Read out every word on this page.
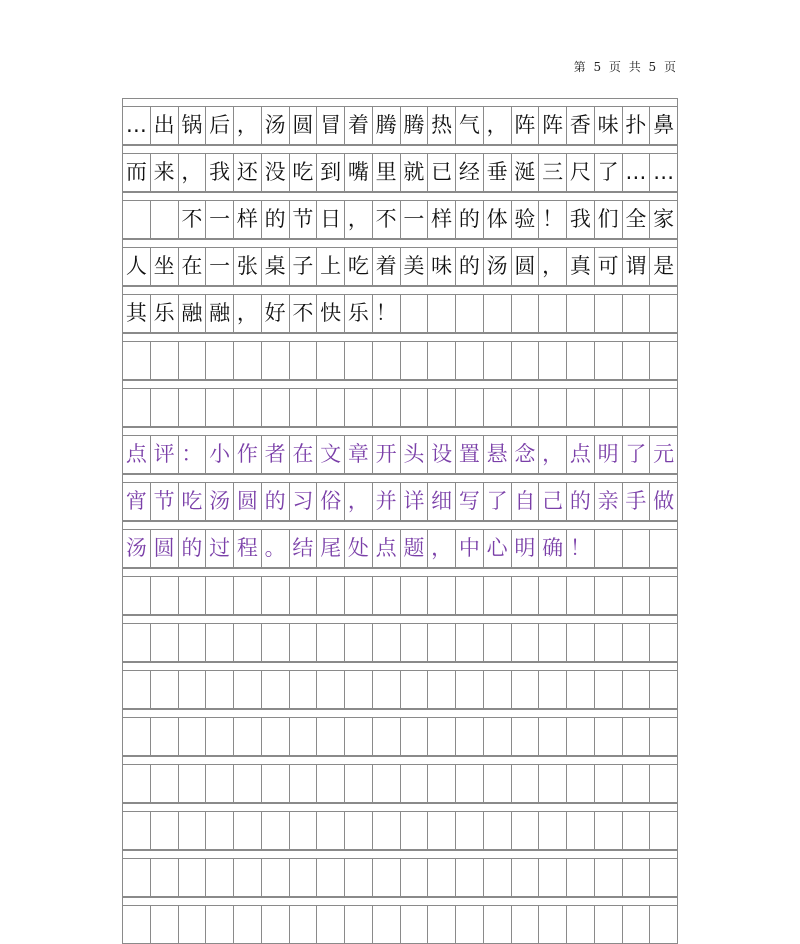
第 5 页 共 5 页
… 出 锅 后 ， 汤 圆 冒 着 腾 腾 热 气 ， 阵 阵 香 味 扑 鼻
而 来 ， 我 还 没 吃 到 嘴 里 就 已 经 垂 涎 三 尺 了 … …
不 一 样 的 节 日 ， 不 一 样 的 体 验 ！ 我 们 全 家
人 坐 在 一 张 桌 子 上 吃 着 美 味 的 汤 圆 ， 真 可 谓 是
其 乐 融 融 ， 好 不 快 乐 ！
点 评 ： 小 作 者 在 文 章 开 头 设 置 悬 念 ， 点 明 了 元
宵 节 吃 汤 圆 的 习 俗 ， 并 详 细 写 了 自 己 的 亲 手 做
汤 圆 的 过 程 。 结 尾 处 点 题 ， 中 心 明 确 ！
